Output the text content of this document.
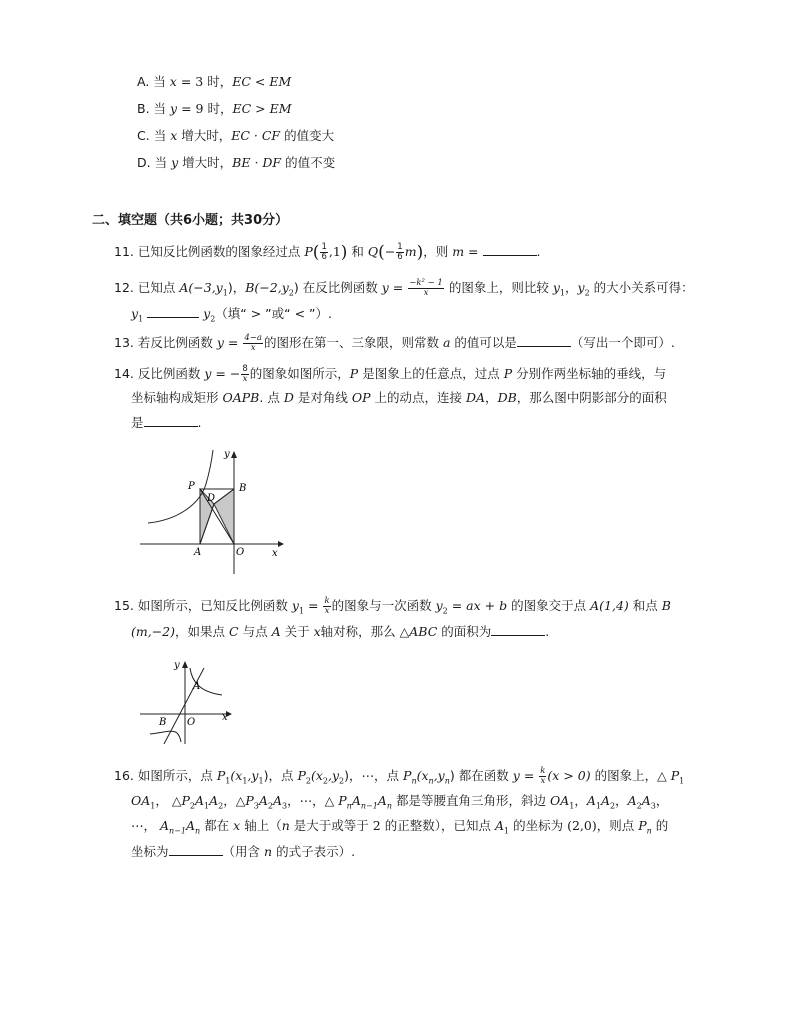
A. 当 x = 3 时，EC < EM
B. 当 y = 9 时，EC > EM
C. 当 x 增大时，EC · CF 的值变大
D. 当 y 增大时，BE · DF 的值不变
二、填空题（共6小题；共30分）
11. 已知反比例函数的图象经过点 $P( \frac{1}{6} ,1)$ 和 $Q(- \frac{1}{6} m)$，则 m =	.
12. 已知点 $A(-3,y_1)$，$B(-2,y_2)$ 在反比例函数 $y = \frac{\text{−k² − 1}}{x}$ 的图象上，则比较 $y_1$，$y_2$ 的大小关系可得：
$y_1$	$y_2$（填“ > ”或“ < ”）.
13. 若反比例函数 $y = \frac{4-a}{x}$ 的图形在第一、三象限，则常数 a 的值可以是	（写出一个即可）.
14. 反比例函数 y = − $\frac{8}{x}$ 的图象如图所示，P 是图象上的任意点，过点 P 分别作两坐标轴的垂线，与
坐标轴构成矩形 OAPB. 点 D 是对角线 OP 上的动点，连接 DA，DB，那么图中阴影部分的面积
是	.
y
x
P	B
D
A	O
15. 如图所示，已知反比例函数 $y_1 = \frac{k}{x}$ 的图象与一次函数 $y_2$ = ax + b 的图象交于点 A(1,4) 和点 B
(m,−2)，如果点 C 与点 A 关于 x轴对称，那么 △ABC 的面积为	.
y
A
B O	x
16. 如图所示，点 $P_1(x_1,y_1)$，点 $P_2(x_2,y_2)$，⋯，点 $P_n(x_n,y_n)$ 都在函数 $y = \frac{k}{x} (x > 0)$ 的图象上，△ $P_1$
$OA_1$， $\triangle P_2A_1A_2$，$\triangle P_3A_2A_3$，⋯，△ $P_nA_{n-1}A_n$ 都是等腰直角三角形，斜边 $OA_1$，$A_1A_2$，$A_2A_3$，
⋯， $A_{n-1}A_n$ 都在 x 轴上（n 是大于或等于 2 的正整数），已知点 $A_1$ 的坐标为 (2,0)，则点 $P_n$ 的
坐标为	（用含 n 的式子表示）.
